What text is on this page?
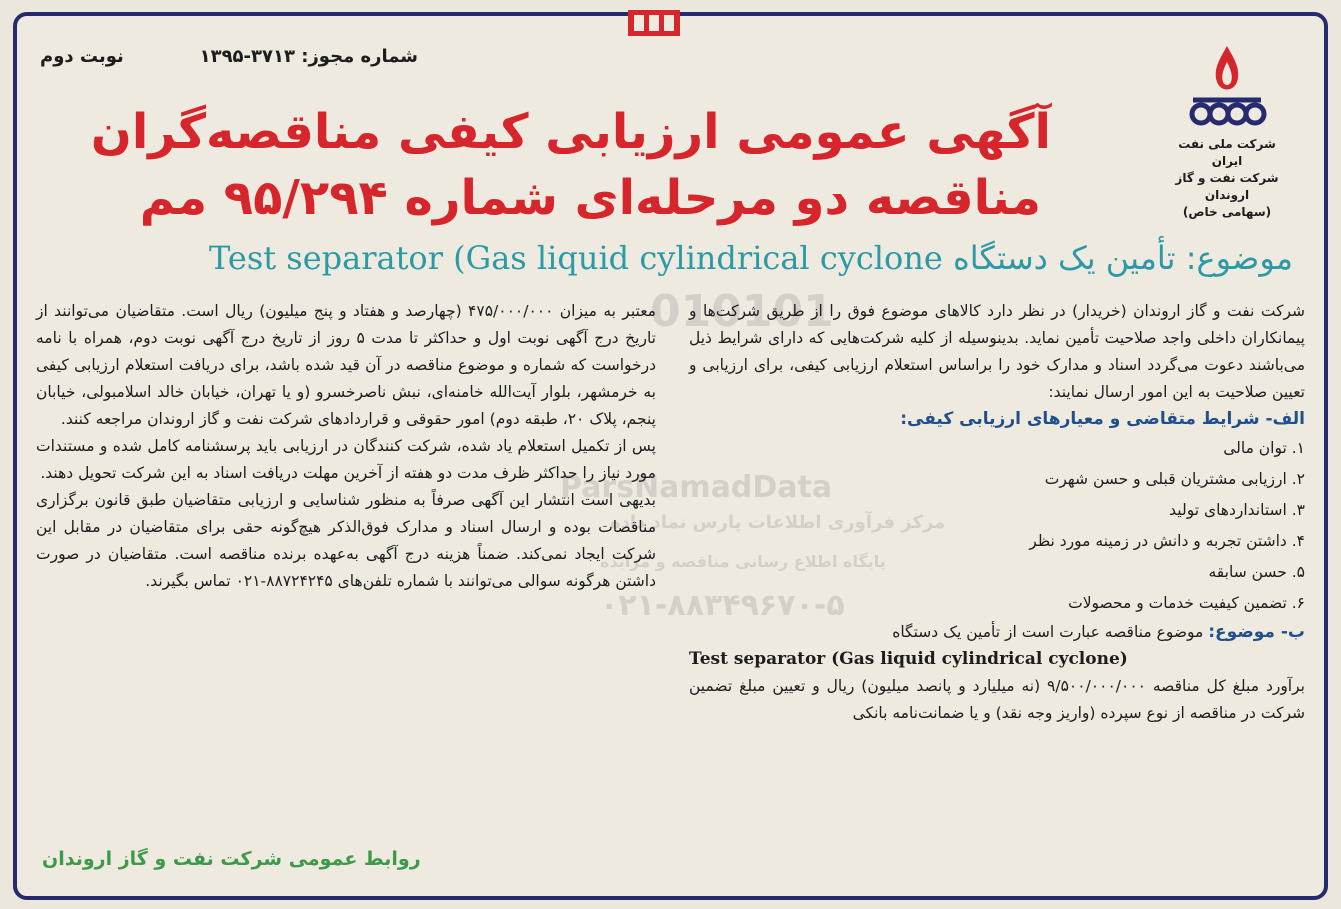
شماره مجوز: ۳۷۱۳-۱۳۹۵
نوبت دوم
شرکت ملی نفت ایران
شرکت نفت و گاز اروندان
(سهامی خاص)
آگهی عمومی ارزیابی کیفی مناقصه‌گران
مناقصه دو مرحله‌ای شماره ۹۵/۲۹۴ مم
موضوع: تأمین یک دستگاه Test separator (Gas liquid cylindrical cyclone
010101
ParsNamadData
مرکز فرآوری اطلاعات پارس نماد داده
پایگاه اطلاع رسانی مناقصه و مزایده
۰۲۱-۸۸۳۴۹۶۷۰-۵

شرکت نفت و گاز اروندان (خریدار) در نظر دارد کالاهای موضوع فوق را از طریق شرکت‌ها و پیمانکاران داخلی واجد صلاحیت تأمین نماید. بدینوسیله از کلیه شرکت‌هایی که دارای شرایط ذیل می‌باشند دعوت می‌گردد اسناد و مدارک خود را براساس استعلام ارزیابی کیفی، برای ارزیابی و تعیین صلاحیت به این امور ارسال نمایند:

الف- شرایط متقاضی و معیارهای ارزیابی کیفی:

۱. توان مالی
۲. ارزیابی مشتریان قبلی و حسن شهرت
۳. استانداردهای تولید
۴. داشتن تجربه و دانش در زمینه مورد نظر
۵. حسن سابقه
۶. تضمین کیفیت خدمات و محصولات

ب- موضوع: موضوع مناقصه عبارت است از تأمین یک دستگاه

Test separator (Gas liquid cylindrical cyclone)

برآورد مبلغ کل مناقصه ۹/۵۰۰/۰۰۰/۰۰۰ (نه میلیارد و پانصد میلیون) ریال و تعیین مبلغ تضمین شرکت در مناقصه از نوع سپرده (واریز وجه نقد) و یا ضمانت‌نامه بانکی

معتبر به میزان ۴۷۵/۰۰۰/۰۰۰ (چهارصد و هفتاد و پنج میلیون) ریال است. متقاضیان می‌توانند از تاریخ درج آگهی نوبت اول و حداکثر تا مدت ۵ روز از تاریخ درج آگهی نوبت دوم، همراه با نامه درخواست که شماره و موضوع مناقصه در آن قید شده باشد، برای دریافت استعلام ارزیابی کیفی به خرمشهر، بلوار آیت‌الله خامنه‌ای، نبش ناصرخسرو (و یا تهران، خیابان خالد اسلامبولی، خیابان پنجم، پلاک ۲۰، طبقه دوم) امور حقوقی و قراردادهای شرکت نفت و گاز اروندان مراجعه کنند.

پس از تکمیل استعلام یاد شده، شرکت کنندگان در ارزیابی باید پرسشنامه کامل شده و مستندات مورد نیاز را حداکثر ظرف مدت دو هفته از آخرین مهلت دریافت اسناد به این شرکت تحویل دهند.

بدیهی است انتشار این آگهی صرفاً به منظور شناسایی و ارزیابی متقاضیان طبق قانون برگزاری مناقصات بوده و ارسال اسناد و مدارک فوق‌الذکر هیچ‌گونه حقی برای متقاضیان در مقابل این شرکت ایجاد نمی‌کند. ضمناً هزینه درج آگهی به‌عهده برنده مناقصه است. متقاضیان در صورت داشتن هرگونه سوالی می‌توانند با شماره تلفن‌های ۸۸۷۲۴۲۴۵-۰۲۱ تماس بگیرند.

روابط عمومی شرکت نفت و گاز اروندان
